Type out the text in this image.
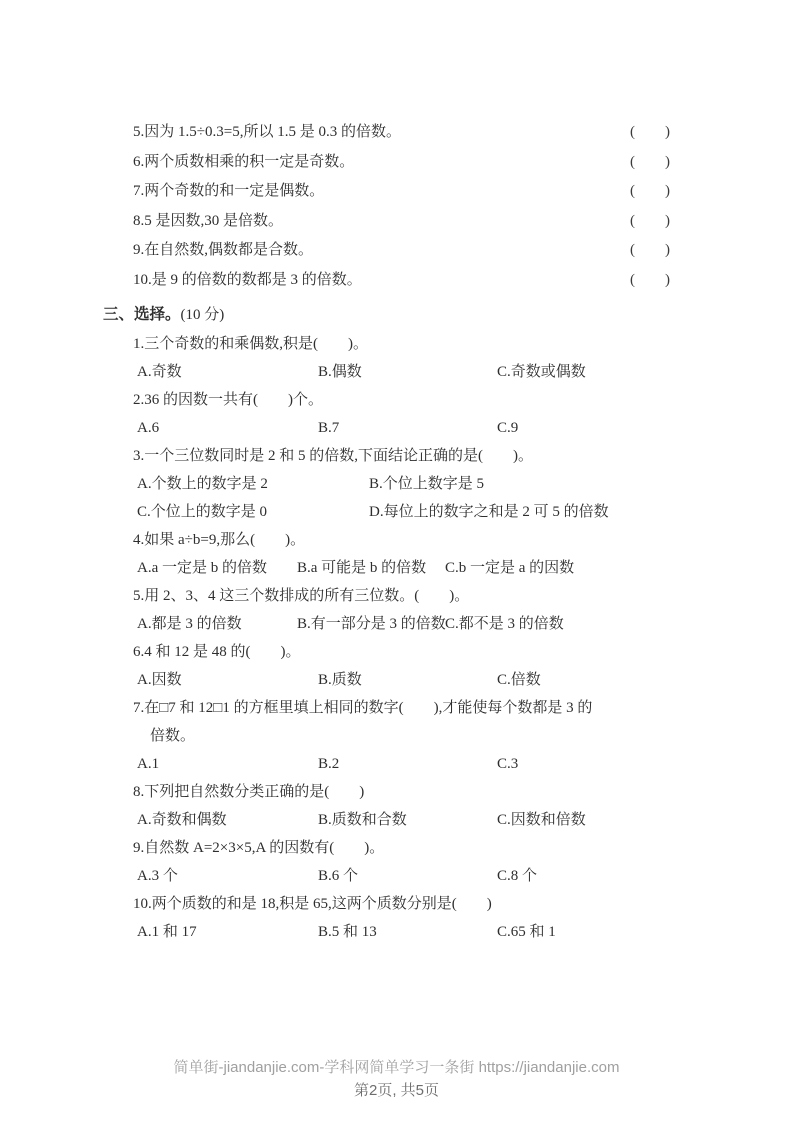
5.因为 1.5÷0.3=5,所以 1.5 是 0.3 的倍数。	(　　)
6.两个质数相乘的积一定是奇数。	(　　)
7.两个奇数的和一定是偶数。	(　　)
8.5 是因数,30 是倍数。	(　　)
9.在自然数,偶数都是合数。	(　　)
10.是 9 的倍数的数都是 3 的倍数。	(　　)
三、选择。(10 分)
1.三个奇数的和乘偶数,积是(　　)。
A.奇数	B.偶数	C.奇数或偶数
2.36 的因数一共有(　　)个。
A.6	B.7	C.9
3.一个三位数同时是 2 和 5 的倍数,下面结论正确的是(　　)。
A.个数上的数字是 2	B.个位上数字是 5
C.个位上的数字是 0	D.每位上的数字之和是 2 可 5 的倍数
4.如果 a÷b=9,那么(　　)。
A.a 一定是 b 的倍数 B.a 可能是 b 的倍数 C.b 一定是 a 的因数
5.用 2、3、4 这三个数排成的所有三位数。(　　)。
A.都是 3 的倍数	B.有一部分是 3 的倍数C.都不是 3 的倍数
6.4 和 12 是 48 的(　　)。
A.因数	B.质数	C.倍数
7.在□7 和 12□1 的方框里填上相同的数字(　　),才能使每个数都是 3 的
倍数。
A.1	B.2	C.3
8.下列把自然数分类正确的是(　　)
A.奇数和偶数	B.质数和合数	C.因数和倍数
9.自然数 A=2×3×5,A 的因数有(　　)。
A.3 个	B.6 个	C.8 个
10.两个质数的和是 18,积是 65,这两个质数分别是(　　)
A.1 和 17	B.5 和 13	C.65 和 1
简单街-jiandanjie.com-学科网简单学习一条街 https://jiandanjie.com
第2页, 共5页
